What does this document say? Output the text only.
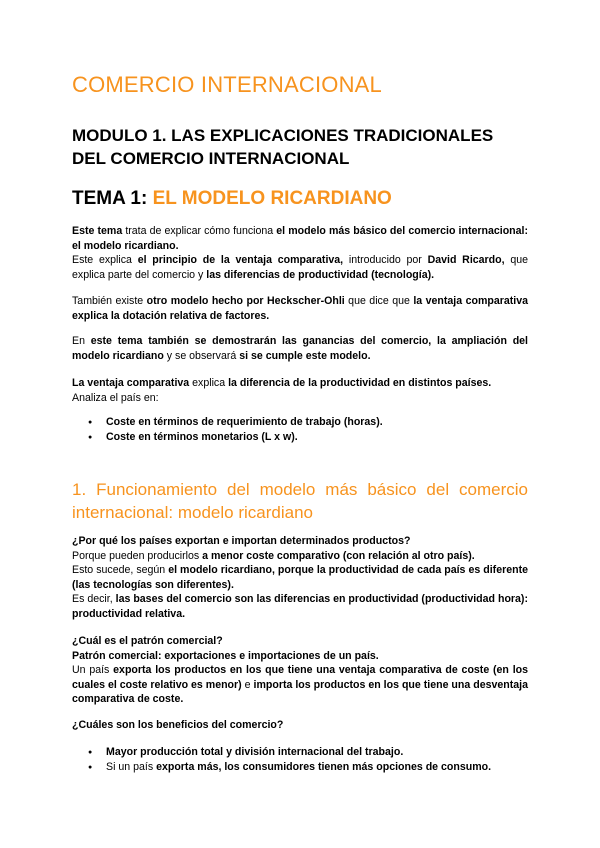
COMERCIO INTERNACIONAL
MODULO 1. LAS EXPLICACIONES TRADICIONALES
DEL COMERCIO INTERNACIONAL
TEMA 1: EL MODELO RICARDIANO

Este tema trata de explicar cómo funciona el modelo más básico del comercio internacional: el modelo ricardiano.

Este explica el principio de la ventaja comparativa, introducido por David Ricardo, que explica parte del comercio y las diferencias de productividad (tecnología).

También existe otro modelo hecho por Heckscher-Ohli que dice que la ventaja comparativa explica la dotación relativa de factores.

En este tema también se demostrarán las ganancias del comercio, la ampliación del modelo ricardiano y se observará si se cumple este modelo.

La ventaja comparativa explica la diferencia de la productividad en distintos países.

Analiza el país en:

● Coste en términos de requerimiento de trabajo (horas).
● Coste en términos monetarios (L x w).
1. Funcionamiento del modelo más básico del comercio internacional: modelo ricardiano

¿Por qué los países exportan e importan determinados productos?

Porque pueden producirlos a menor coste comparativo (con relación al otro país).

Esto sucede, según el modelo ricardiano, porque la productividad de cada país es diferente (las tecnologías son diferentes).

Es decir, las bases del comercio son las diferencias en productividad (productividad hora): productividad relativa.

¿Cuál es el patrón comercial?

Patrón comercial: exportaciones e importaciones de un país.

Un país exporta los productos en los que tiene una ventaja comparativa de coste (en los cuales el coste relativo es menor) e importa los productos en los que tiene una desventaja comparativa de coste.

¿Cuáles son los beneficios del comercio?

● Mayor producción total y división internacional del trabajo.
● Si un país exporta más, los consumidores tienen más opciones de consumo.
